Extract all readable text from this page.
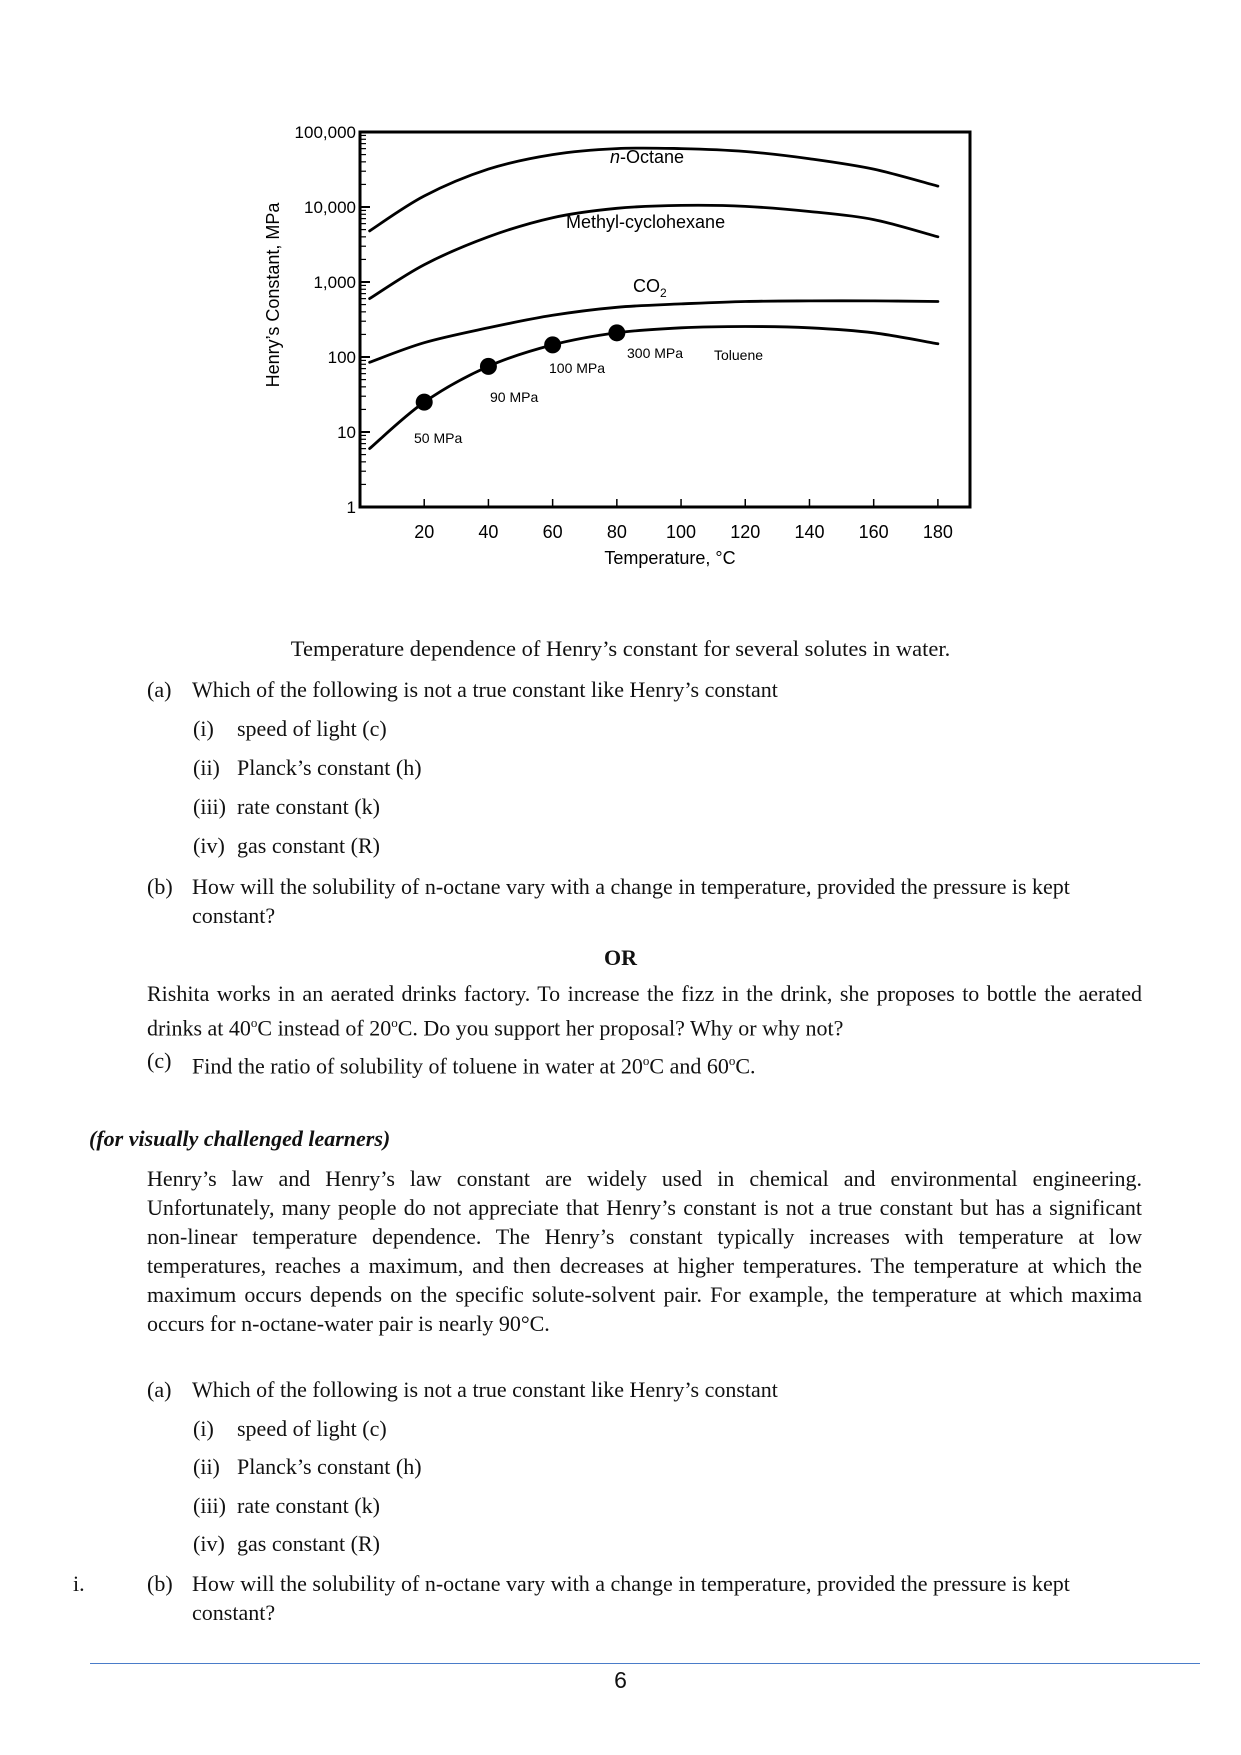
1
10
100
1,000
10,000
100,000
20 40 60 80 100 120 140 160 180
Temperature, °C
Henry’s Constant, MPa
n-Octane
Methyl-cyclohexane
$CO_2$
Toluene
50 MPa
90 MPa
100 MPa
300 MPa
Temperature dependence of Henry’s constant for several solutes in water.
(a) Which of the following is not a true constant like Henry’s constant
(i) speed of light (c)
(ii) Planck’s constant (h)
(iii) rate constant (k)
(iv) gas constant (R)
(b) How will the solubility of n-octane vary with a change in temperature, provided the pressure is kept constant?
OR
Rishita works in an aerated drinks factory. To increase the fizz in the drink, she proposes to bottle the aerated drinks at 40$^o$C instead of 20$^o$C. Do you support her proposal? Why or why not?
(c) Find the ratio of solubility of toluene in water at 20$^o$C and 60$^o$C.
(for visually challenged learners)
Henry’s law and Henry’s law constant are widely used in chemical and environmental engineering. Unfortunately, many people do not appreciate that Henry’s constant is not a true constant but has a significant non-linear temperature dependence. The Henry’s constant typically increases with temperature at low temperatures, reaches a maximum, and then decreases at higher temperatures. The temperature at which the maximum occurs depends on the specific solute-solvent pair. For example, the temperature at which maxima occurs for n-octane-water pair is nearly 90°C.
(a) Which of the following is not a true constant like Henry’s constant
(i) speed of light (c)
(ii) Planck’s constant (h)
(iii) rate constant (k)
(iv) gas constant (R)
i.	(b) How will the solubility of n-octane vary with a change in temperature, provided the pressure is kept constant?
6
